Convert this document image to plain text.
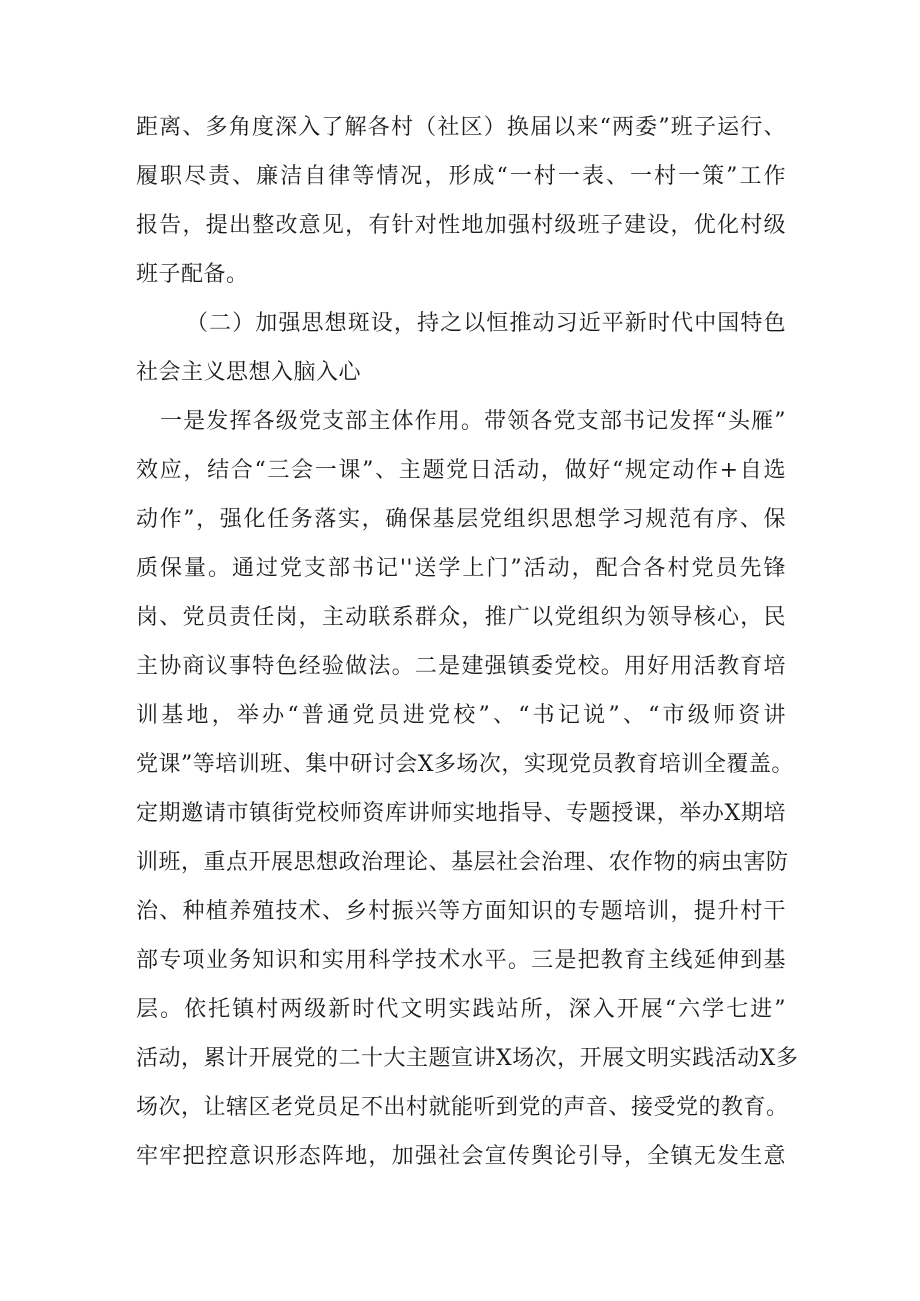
距离、多角度深入了解各村（社区）换届以来“两委”班子运行、
履职尽责、廉洁自律等情况，形成“一村一表、一村一策”工作
报告，提出整改意见，有针对性地加强村级班子建设，优化村级
班子配备。
（二）加强思想斑设，持之以恒推动习近平新时代中国特色
社会主义思想入脑入心
一是发挥各级党支部主体作用。带领各党支部书记发挥“头雁”
效应，结合“三会一课”、主题党日活动，做好“规定动作+自选
动作”，强化任务落实，确保基层党组织思想学习规范有序、保
质保量。通过党支部书记''送学上门”活动，配合各村党员先锋
岗、党员责任岗，主动联系群众，推广以党组织为领导核心，民
主协商议事特色经验做法。二是建强镇委党校。用好用活教育培
训基地，举办“普通党员进党校”、“书记说”、“市级师资讲
党课”等培训班、集中研讨会X多场次，实现党员教育培训全覆盖。
定期邀请市镇街党校师资库讲师实地指导、专题授课，举办X期培
训班，重点开展思想政治理论、基层社会治理、农作物的病虫害防
治、种植养殖技术、乡村振兴等方面知识的专题培训，提升村干
部专项业务知识和实用科学技术水平。三是把教育主线延伸到基
层。依托镇村两级新时代文明实践站所，深入开展“六学七进”
活动，累计开展党的二十大主题宣讲X场次，开展文明实践活动X多
场次，让辖区老党员足不出村就能听到党的声音、接受党的教育。
牢牢把控意识形态阵地，加强社会宣传舆论引导，全镇无发生意
